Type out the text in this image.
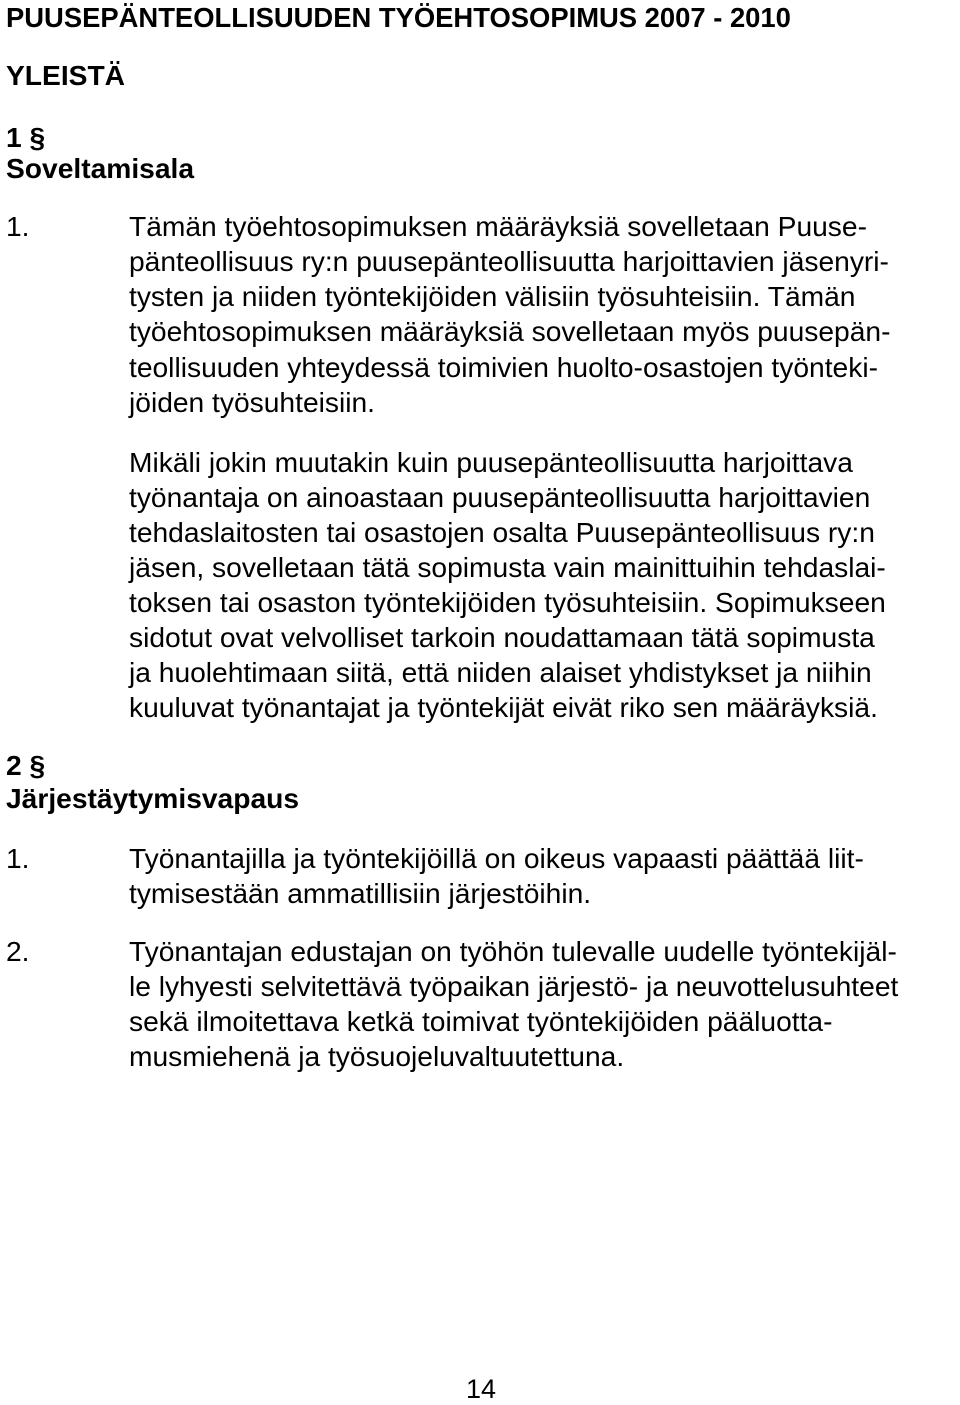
PUUSEPÄNTEOLLISUUDEN TYÖEHTOSOPIMUS 2007 - 2010
YLEISTÄ
1 §
Soveltamisala
1.	Tämän työehtosopimuksen määräyksiä sovelletaan Puuse-
pänteollisuus ry:n puusepänteollisuutta harjoittavien jäsenyri-
tysten ja niiden työntekijöiden välisiin työsuhteisiin. Tämän
työehtosopimuksen määräyksiä sovelletaan myös puusepän-
teollisuuden yhteydessä toimivien huolto-osastojen työnteki-
jöiden työsuhteisiin.
Mikäli jokin muutakin kuin puusepänteollisuutta harjoittava
työnantaja on ainoastaan puusepänteollisuutta harjoittavien
tehdaslaitosten tai osastojen osalta Puusepänteollisuus ry:n
jäsen, sovelletaan tätä sopimusta vain mainittuihin tehdaslai-
toksen tai osaston työntekijöiden työsuhteisiin. Sopimukseen
sidotut ovat velvolliset tarkoin noudattamaan tätä sopimusta
ja huolehtimaan siitä, että niiden alaiset yhdistykset ja niihin
kuuluvat työnantajat ja työntekijät eivät riko sen määräyksiä.
2 §
Järjestäytymisvapaus
1.	Työnantajilla ja työntekijöillä on oikeus vapaasti päättää liit-
tymisestään ammatillisiin järjestöihin.
2.	Työnantajan edustajan on työhön tulevalle uudelle työntekijäl-
le lyhyesti selvitettävä työpaikan järjestö- ja neuvottelusuhteet
sekä ilmoitettava ketkä toimivat työntekijöiden pääluotta-
musmiehenä ja työsuojeluvaltuutettuna.
14
